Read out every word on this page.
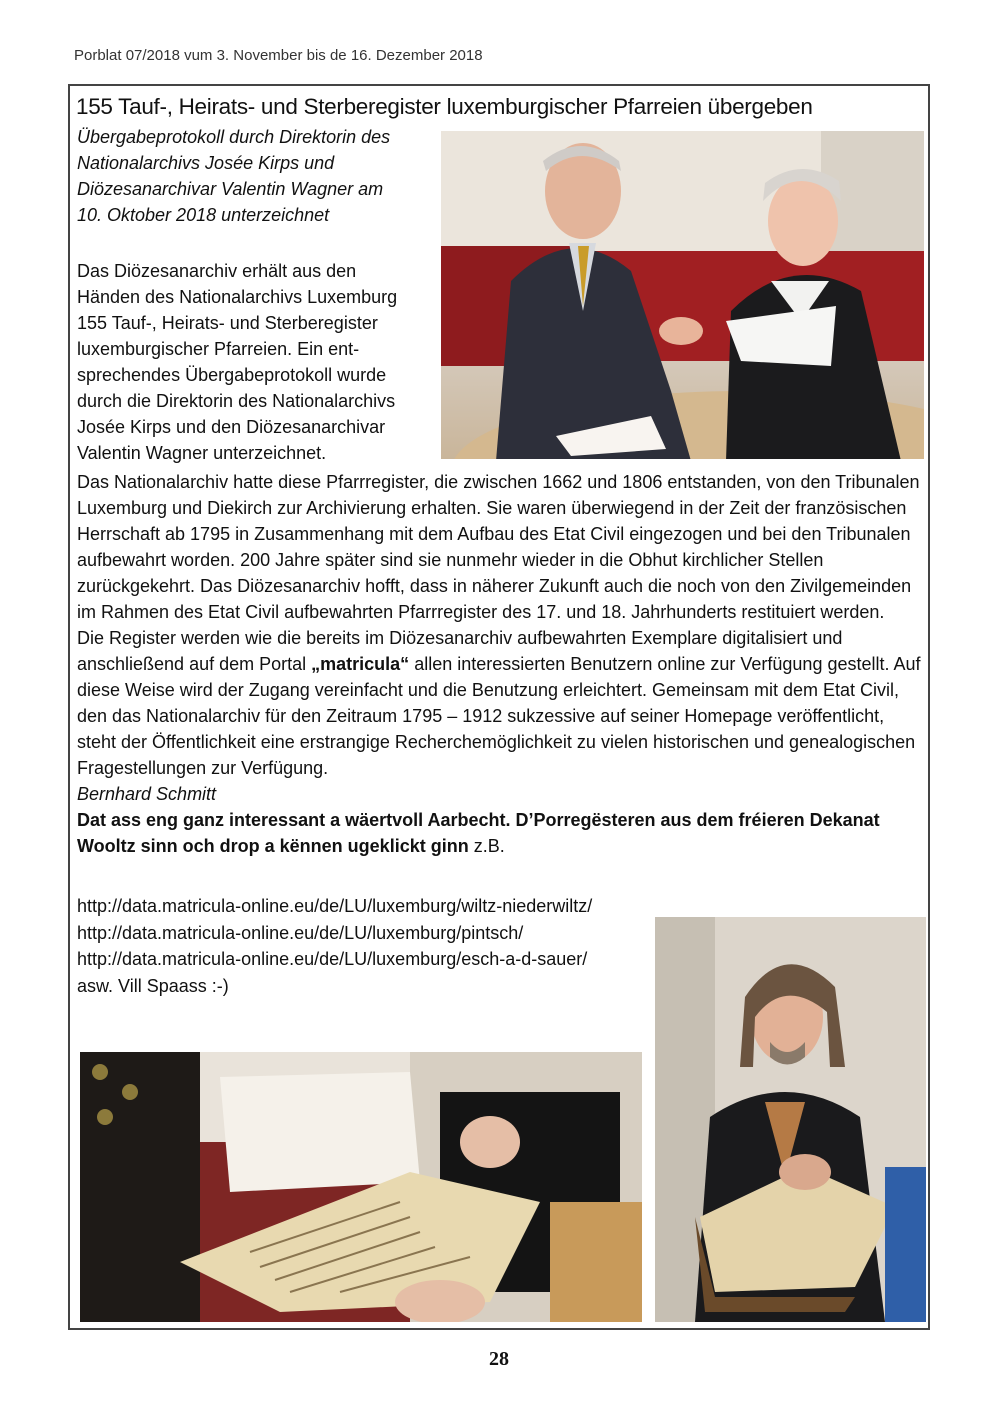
Porblat 07/2018 vum 3. November bis de 16. Dezember 2018
155 Tauf-, Heirats- und Sterberegister luxemburgischer Pfarreien übergeben
Übergabeprotokoll durch Direktorin des
Nationalarchivs Josée Kirps und
Diözesanarchivar Valentin Wagner am
10. Oktober 2018 unterzeichnet
Das Diözesanarchiv erhält aus den
Händen des Nationalarchivs Luxemburg
155 Tauf-, Heirats- und Sterberegister
luxemburgischer Pfarreien. Ein ent-
sprechendes Übergabeprotokoll wurde
durch die Direktorin des Nationalarchivs
Josée Kirps und den Diözesanarchivar
Valentin Wagner unterzeichnet.

Das Nationalarchiv hatte diese Pfarrregister, die zwischen 1662 und 1806 entstanden, von den Tribunalen Luxemburg und Diekirch zur Archivierung erhalten. Sie waren überwiegend in der Zeit der französischen Herrschaft ab 1795 in Zusammenhang mit dem Aufbau des Etat Civil eingezogen und bei den Tribunalen aufbewahrt worden. 200 Jahre später sind sie nunmehr wieder in die Obhut kirchlicher Stellen zurückgekehrt. Das Diözesanarchiv hofft, dass in näherer Zukunft auch die noch von den Zivilgemeinden im Rahmen des Etat Civil aufbewahrten Pfarrregister des 17. und 18. Jahrhunderts restituiert werden.

Die Register werden wie die bereits im Diözesanarchiv aufbewahrten Exemplare digitalisiert und anschließend auf dem Portal „matricula“ allen interessierten Benutzern online zur Verfügung gestellt. Auf diese Weise wird der Zugang vereinfacht und die Benutzung erleichtert. Gemeinsam mit dem Etat Civil, den das Nationalarchiv für den Zeitraum 1795 – 1912 sukzessive auf seiner Homepage veröffentlicht, steht der Öffentlichkeit eine erstrangige Recherchemöglichkeit zu vielen historischen und genealogischen Fragestellungen zur Verfügung.

Bernhard Schmitt

Dat ass eng ganz interessant a wäertvoll Aarbecht. D’Porregësteren aus dem fréieren Dekanat Wooltz sinn och drop a kënnen ugeklickt ginn z.B.

http://data.matricula-online.eu/de/LU/luxemburg/wiltz-niederwiltz/
http://data.matricula-online.eu/de/LU/luxemburg/pintsch/
http://data.matricula-online.eu/de/LU/luxemburg/esch-a-d-sauer/
asw. Vill Spaass :-)
28
